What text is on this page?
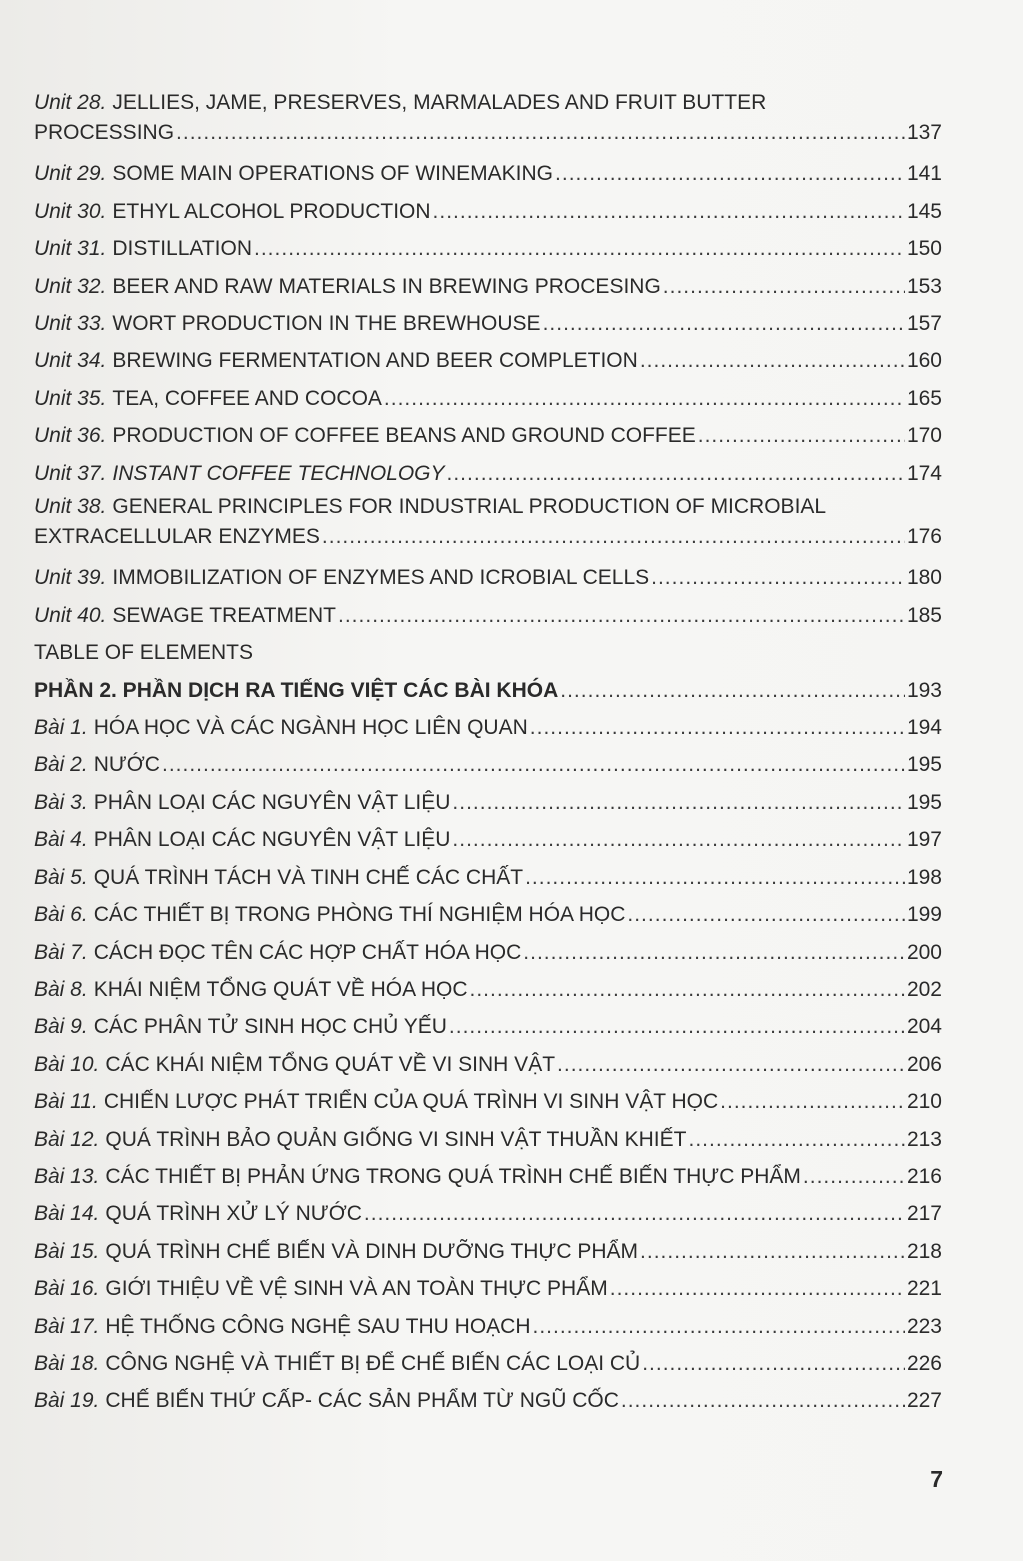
Unit 28. JELLIES, JAME, PRESERVES, MARMALADES AND FRUIT BUTTER
PROCESSING .....	137
Unit 29. SOME MAIN OPERATIONS OF WINEMAKING .....	141
Unit 30. ETHYL ALCOHOL PRODUCTION .....	145
Unit 31. DISTILLATION .....	150
Unit 32. BEER AND RAW MATERIALS IN BREWING PROCESING .....	153
Unit 33. WORT PRODUCTION IN THE BREWHOUSE .....	157
Unit 34. BREWING FERMENTATION AND BEER COMPLETION .....	160
Unit 35. TEA, COFFEE AND COCOA .....	165
Unit 36. PRODUCTION OF COFFEE BEANS AND GROUND COFFEE .....	170
Unit 37. INSTANT COFFEE TECHNOLOGY .....	174
Unit 38. GENERAL PRINCIPLES FOR INDUSTRIAL PRODUCTION OF MICROBIAL
EXTRACELLULAR ENZYMES .....	176
Unit 39. IMMOBILIZATION OF ENZYMES AND ICROBIAL CELLS .....	180
Unit 40. SEWAGE TREATMENT .....	185
TABLE OF ELEMENTS
PHẦN 2. PHẦN DỊCH RA TIẾNG VIỆT CÁC BÀI KHÓA .....	193
Bài 1. HÓA HỌC VÀ CÁC NGÀNH HỌC LIÊN QUAN .....	194
Bài 2. NƯỚC .....	195
Bài 3. PHÂN LOẠI CÁC NGUYÊN VẬT LIỆU .....	195
Bài 4. PHÂN LOẠI CÁC NGUYÊN VẬT LIỆU .....	197
Bài 5. QUÁ TRÌNH TÁCH VÀ TINH CHẾ CÁC CHẤT .....	198
Bài 6. CÁC THIẾT BỊ TRONG PHÒNG THÍ NGHIỆM HÓA HỌC .....	199
Bài 7. CÁCH ĐỌC TÊN CÁC HỢP CHẤT HÓA HỌC .....	200
Bài 8. KHÁI NIỆM TỔNG QUÁT VỀ HÓA HỌC .....	202
Bài 9. CÁC PHÂN TỬ SINH HỌC CHỦ YẾU .....	204
Bài 10. CÁC KHÁI NIỆM TỔNG QUÁT VỀ VI SINH VẬT .....	206
Bài 11. CHIẾN LƯỢC PHÁT TRIỂN CỦA QUÁ TRÌNH VI SINH VẬT HỌC .....	210
Bài 12. QUÁ TRÌNH BẢO QUẢN GIỐNG VI SINH VẬT THUẦN KHIẾT .....	213
Bài 13. CÁC THIẾT BỊ PHẢN ỨNG TRONG QUÁ TRÌNH CHẾ BIẾN THỰC PHẨM .....	216
Bài 14. QUÁ TRÌNH XỬ LÝ NƯỚC .....	217
Bài 15. QUÁ TRÌNH CHẾ BIẾN VÀ DINH DƯỠNG THỰC PHẨM .....	218
Bài 16. GIỚI THIỆU VỀ VỆ SINH VÀ AN TOÀN THỰC PHẨM .....	221
Bài 17. HỆ THỐNG CÔNG NGHỆ SAU THU HOẠCH .....	223
Bài 18. CÔNG NGHỆ VÀ THIẾT BỊ ĐỂ CHẾ BIẾN CÁC LOẠI CỦ .....	226
Bài 19. CHẾ BIẾN THỨ CẤP- CÁC SẢN PHẨM TỪ NGŨ CỐC .....	227
7
